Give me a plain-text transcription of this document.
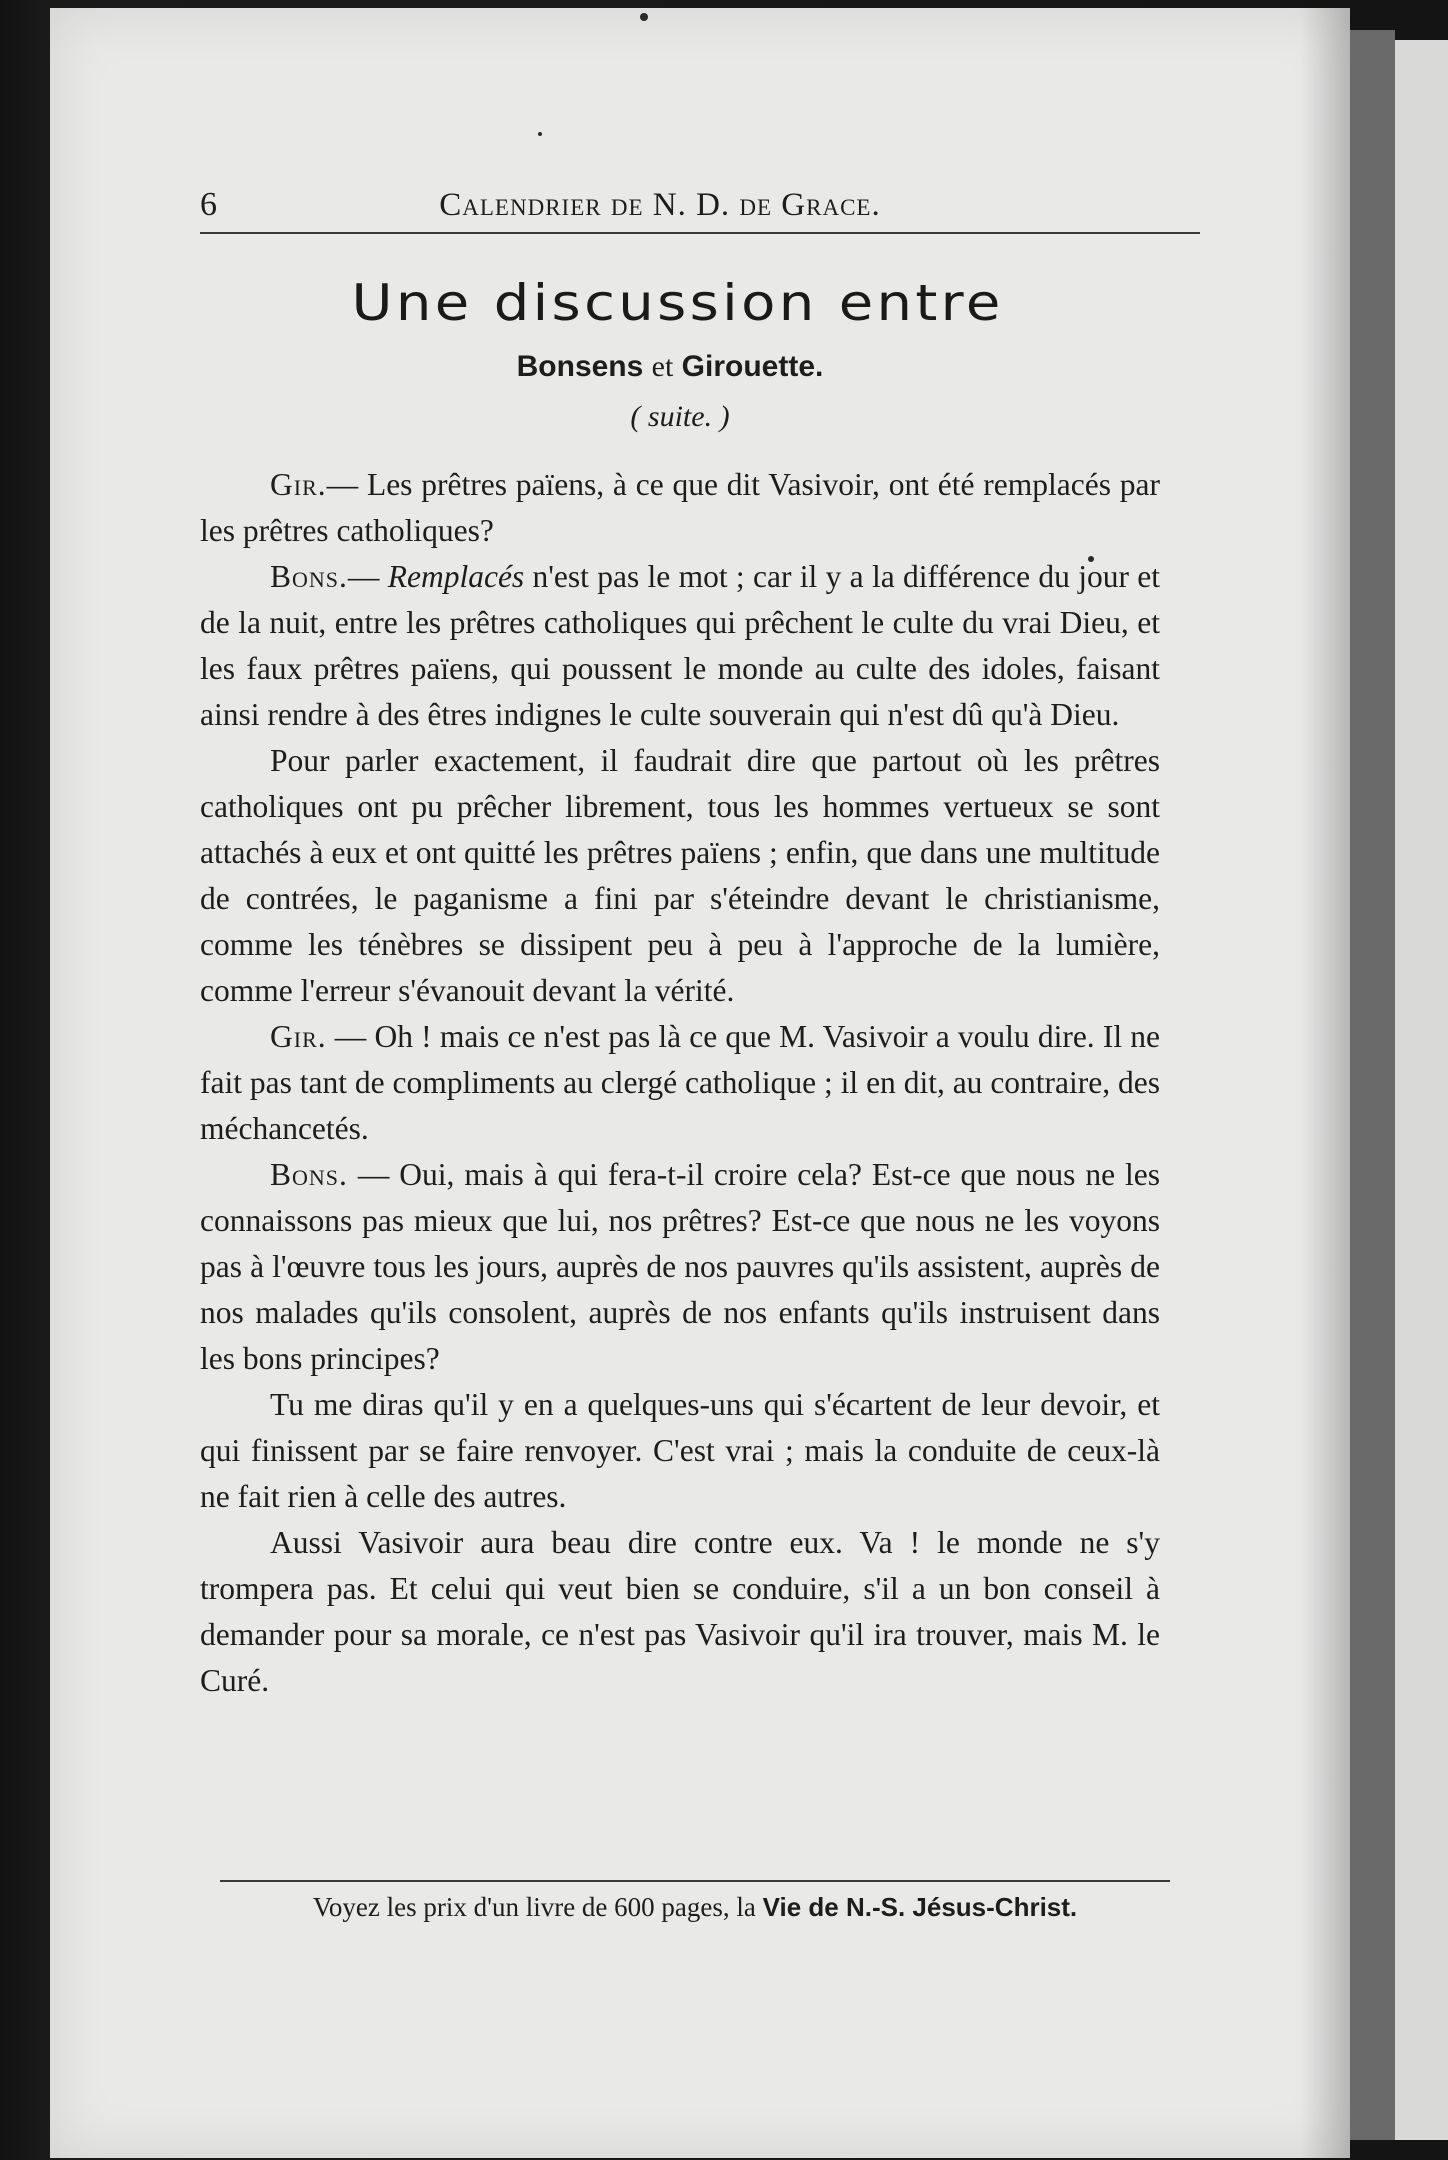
6	Calendrier de N. D. de Grace.
Une discussion entre
Bonsens et Girouette.
( suite. )

Gir.— Les prêtres païens, à ce que dit Vasivoir, ont été remplacés par les prêtres catholiques?

Bons.— Remplacés n'est pas le mot ; car il y a la différence du jour et de la nuit, entre les prêtres catholiques qui prêchent le culte du vrai Dieu, et les faux prêtres païens, qui poussent le monde au culte des idoles, faisant ainsi rendre à des êtres indignes le culte souverain qui n'est dû qu'à Dieu.

Pour parler exactement, il faudrait dire que partout où les prêtres catholiques ont pu prêcher librement, tous les hommes vertueux se sont attachés à eux et ont quitté les prêtres païens ; enfin, que dans une multitude de contrées, le paganisme a fini par s'éteindre devant le christianisme, comme les ténèbres se dissipent peu à peu à l'approche de la lumière, comme l'erreur s'évanouit devant la vérité.

Gir. — Oh ! mais ce n'est pas là ce que M. Vasivoir a voulu dire. Il ne fait pas tant de compliments au clergé catholique ; il en dit, au contraire, des méchancetés.

Bons. — Oui, mais à qui fera-t-il croire cela? Est-ce que nous ne les connaissons pas mieux que lui, nos prêtres? Est-ce que nous ne les voyons pas à l'œuvre tous les jours, auprès de nos pauvres qu'ils assistent, auprès de nos malades qu'ils consolent, auprès de nos enfants qu'ils instruisent dans les bons principes?

Tu me diras qu'il y en a quelques-uns qui s'écartent de leur devoir, et qui finissent par se faire renvoyer. C'est vrai ; mais la conduite de ceux-là ne fait rien à celle des autres.

Aussi Vasivoir aura beau dire contre eux. Va ! le monde ne s'y trompera pas. Et celui qui veut bien se conduire, s'il a un bon conseil à demander pour sa morale, ce n'est pas Vasivoir qu'il ira trouver, mais M. le Curé.

Voyez les prix d'un livre de 600 pages, la Vie de N.-S. Jésus-Christ.
